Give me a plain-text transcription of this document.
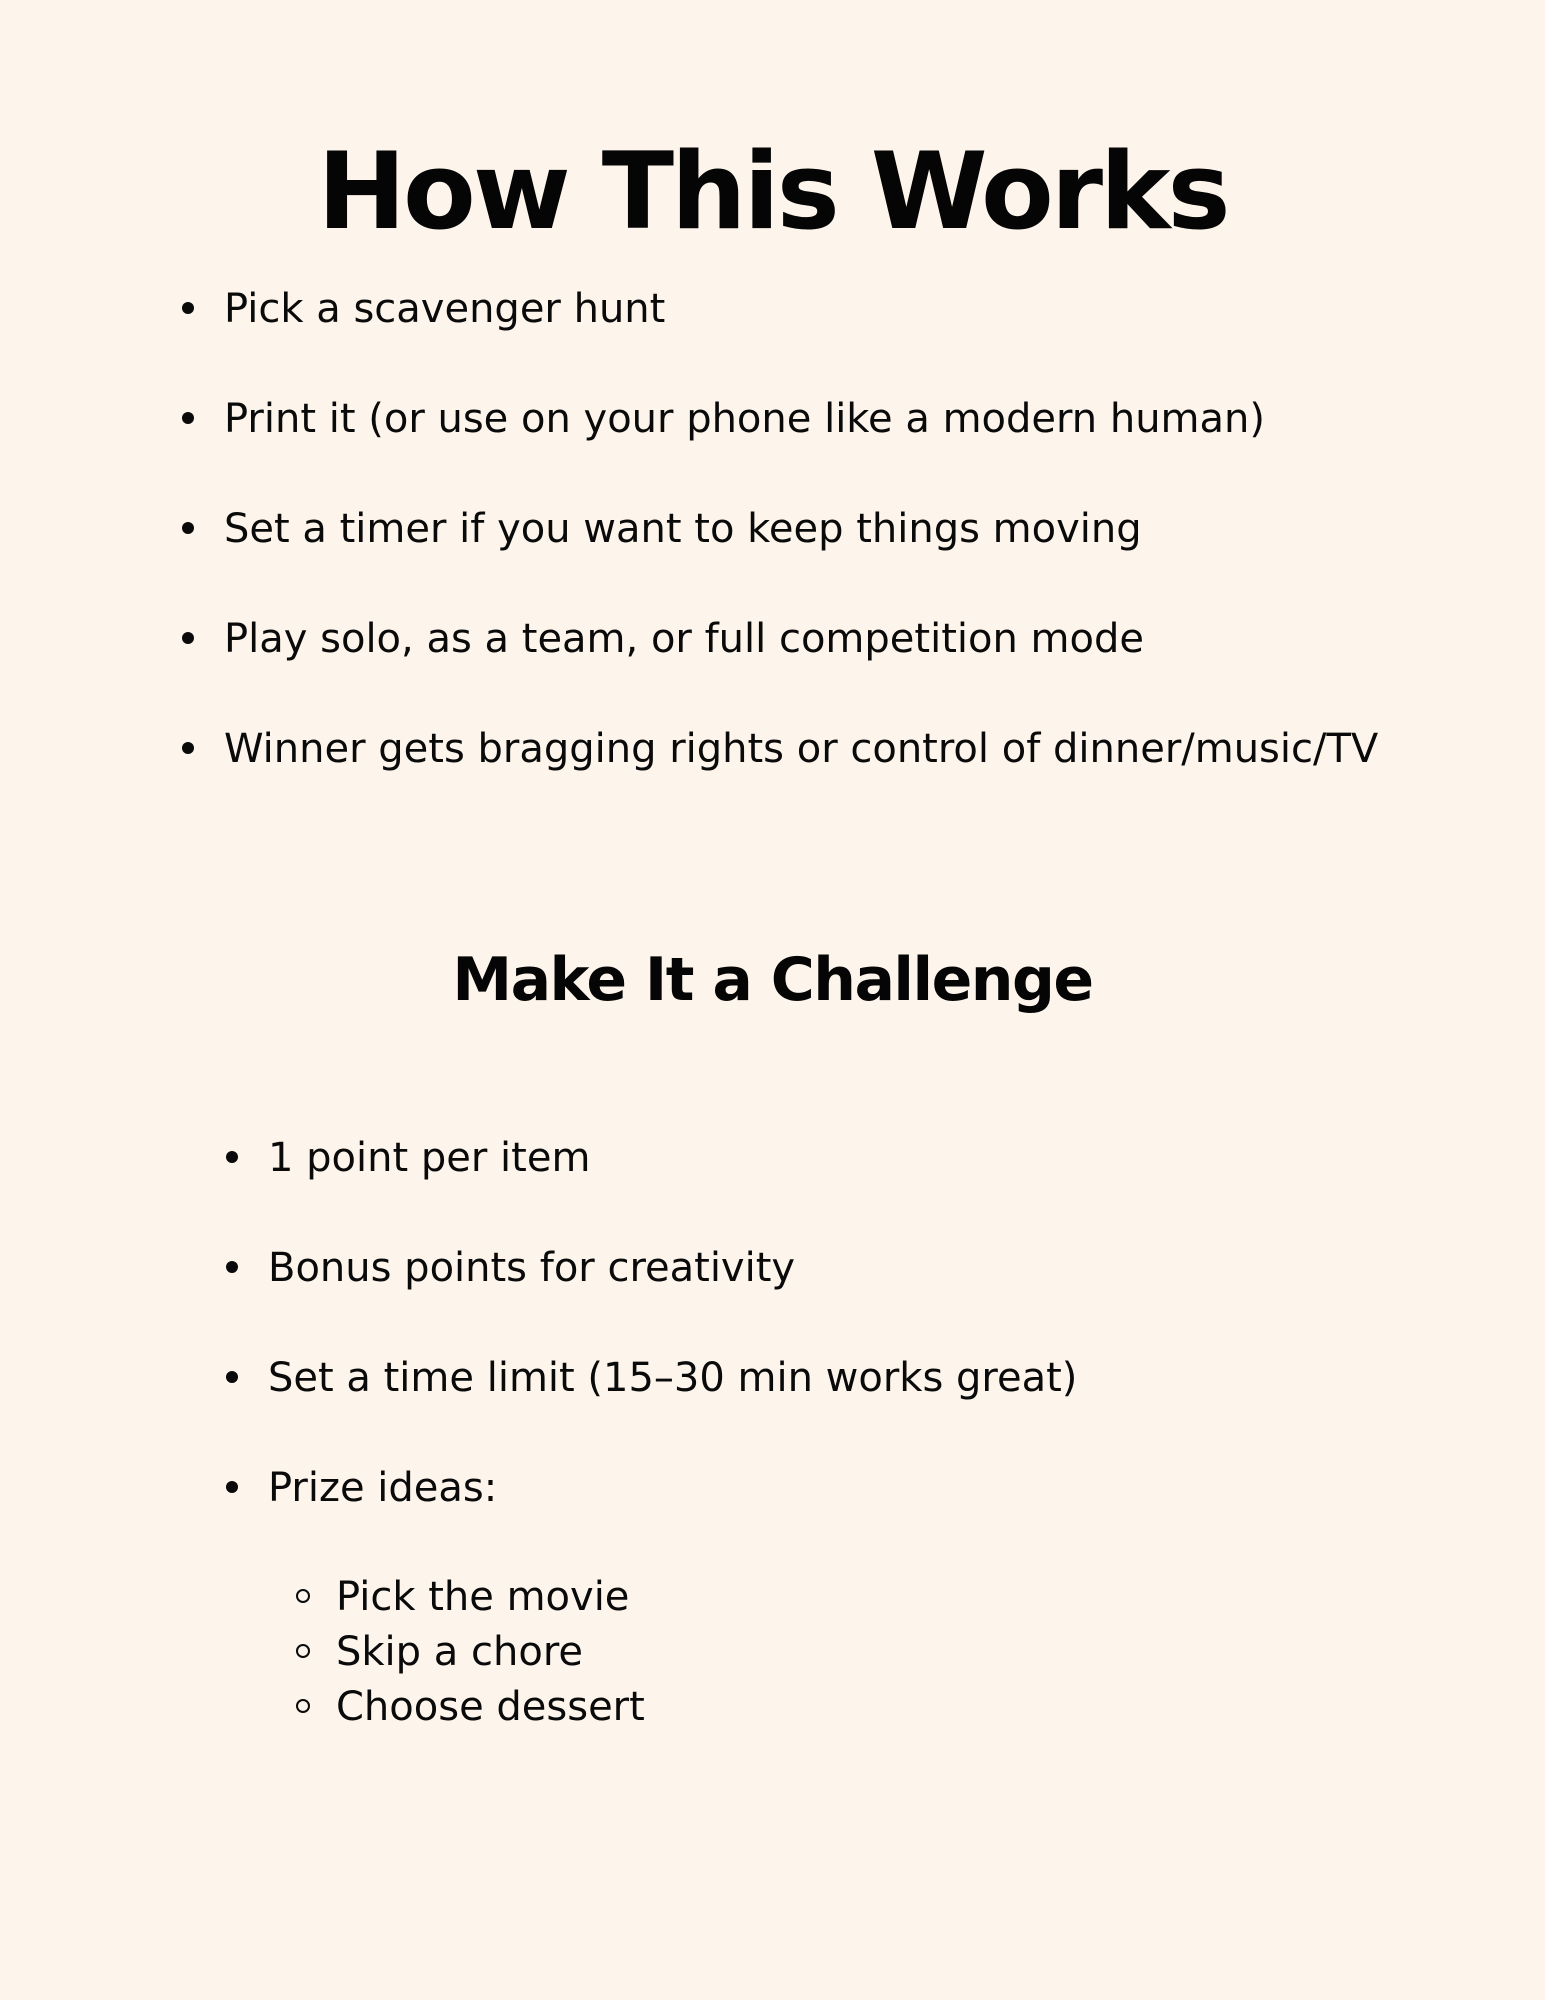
How This Works
Pick a scavenger hunt
Print it (or use on your phone like a modern human)
Set a timer if you want to keep things moving
Play solo, as a team, or full competition mode
Winner gets bragging rights or control of dinner/music/TV
Make It a Challenge
1 point per item
Bonus points for creativity
Set a time limit (15–30 min works great)
Prize ideas:
Pick the movie
Skip a chore
Choose dessert
